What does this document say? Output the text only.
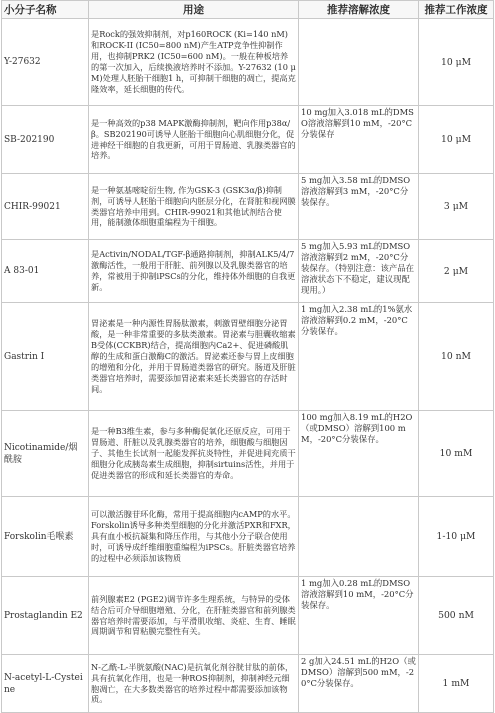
小分子名称	用途	推荐溶解浓度	推荐工作浓度
Y-27632	是Rock的强效抑制剂，对p160ROCK (Ki=140 nM)和ROCK-II (IC50=800 nM)产生ATP竞争性抑制作用，也抑制PRK2 (IC50=600 nM)。一般在种板培养的第一次加入，后续换液培养时不添加。Y-27632 (10 μM)处理人胚胎干细胞1 h，可抑制干细胞的凋亡，提高克隆效率，延长细胞的传代。		10 μM
SB-202190	是一种高效的p38 MAPK激酶抑制剂，靶向作用p38α/β。SB202190可诱导人胚胎干细胞向心肌细胞分化，促进神经干细胞的自我更新，可用于胃肠道、乳腺类器官的培养。	10 mg加入3.018 mL的DMSO溶液溶解到10 mM，-20°C分装保存	10 μM
CHIR-99021	是一种氨基嘧啶衍生物, 作为GSK-3 (GSK3α/β)抑制剂，可诱导人胚胎干细胞向内胚层分化，在肾脏和视网膜类器官培养中用到。CHIR-99021和其他试剂结合使用，能制激体细胞重编程为干细胞。	5 mg加入3.58 mL的DMSO溶液溶解到3 mM，-20°C分装保存。	3 μM
A 83-01	是Activin/NODAL/TGF-β通路抑制剂，抑制ALK5/4/7激酶活性，一般用于肝脏、前列腺以及乳腺类器官的培养，常被用于抑制iPSCs的分化，维持体外细胞的自我更新。	5 mg加入5.93 mL的DMSO溶液溶解到2 mM，-20°C分装保存。（特别注意：该产品在溶液状态下不稳定，建议现配现用。）	2 μM
Gastrin I	胃泌素是一种内源性胃肠肽激素，刺激胃壁细胞分泌胃酸，是一种非常重要的多肽类激素。胃泌素与胆囊收缩素B受体(CCKBR)结合，提高细胞内Ca2+、促进磷酸肌醇的生成和蛋白激酶C的激活。胃泌素还参与胃上皮细胞的增殖和分化，并用于胃肠道类器官的研究。肠道及肝脏类器官培养时，需要添加胃泌素来延长类器官的存活时间。	1 mg加入2.38 mL的1%氨水溶液溶解到0.2 mM，-20°C分装保存。	10 nM
Nicotinamide/烟酰胺	是一种B3维生素，参与多种酶促氧化还原反应，可用于胃肠道、肝脏以及乳腺类器官的培养，细胞酸与细胞因子、其他生长试剂一起能发挥抗炎特性，并促进间充质干细胞分化成胰岛素生成细胞，抑制sirtuins活性，并用于促进类器官的形成和延长类器官的寿命。	100 mg加入8.19 mL的H2O（或DMSO）溶解到100 mM，-20°C分装保存。	10 mM
Forskolin毛喉素	可以激活腺苷环化酶，常用于提高细胞内cAMP的水平。Forskolin诱导多种类型细胞的分化并激活PXR和FXR，具有血小板抗凝集和降压作用，与其他小分子联合使用时，可诱导成纤维细胞重编程为iPSCs。肝脏类器官培养的过程中必须添加该物质		1-10 μM
Prostaglandin E2	前列腺素E2 (PGE2)调节许多生理系统，与特异的受体结合后可介导细胞增殖、分化，在肝脏类器官和前列腺类器官培养时需要添加，与平滑肌收缩、炎症、生育、睡眠周期调节和胃粘膜完整性有关。	1 mg加入0.28 mL的DMSO溶液溶解到10 mM，-20°C分装保存。	500 nM
N-acetyl-L-Cysteine	N-乙酰-L-半胱氨酸(NAC)是抗氧化剂谷胱甘肽的前体，具有抗氧化作用，也是一种ROS抑制剂，抑制神经元细胞凋亡，在大多数类器官的培养过程中都需要添加该物质。	2 g加入24.51 mL的H2O（或DMSO）溶解到500 mM，-20°C分装保存。	1 mM
